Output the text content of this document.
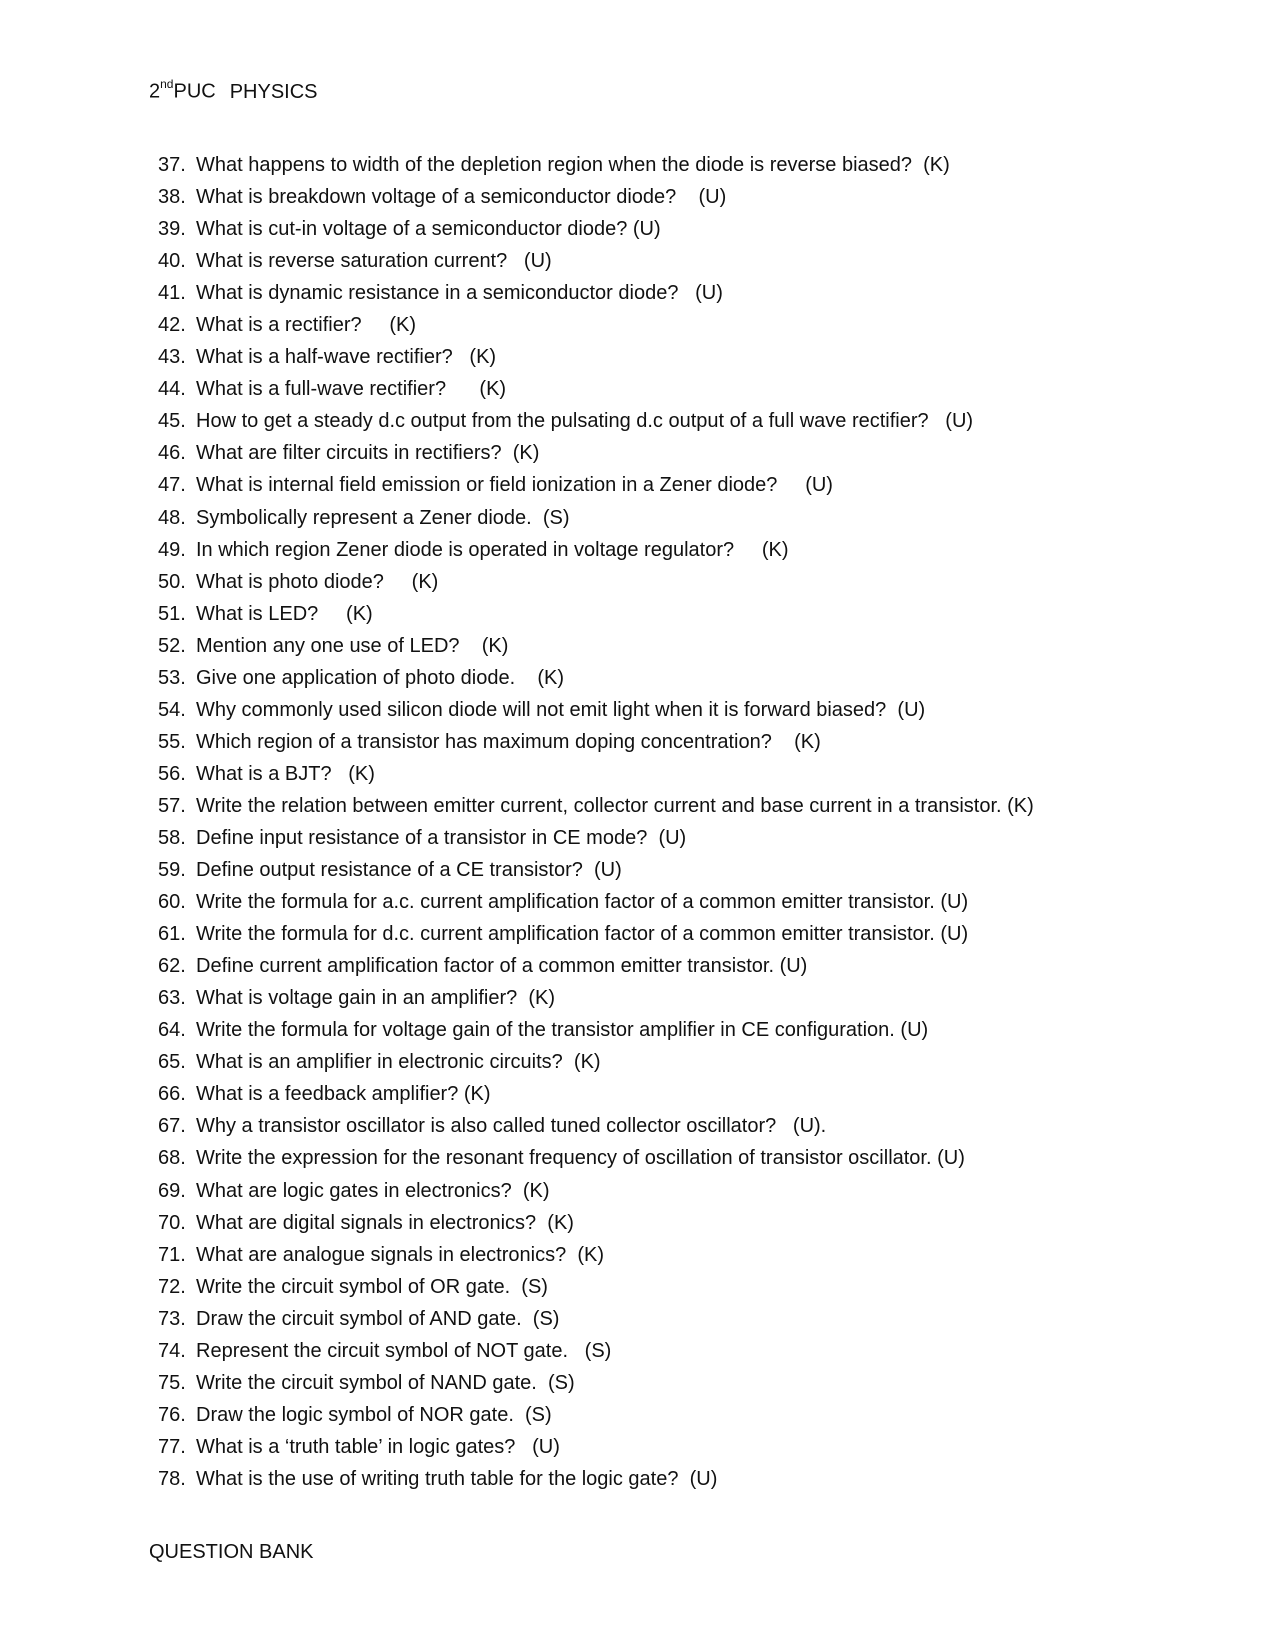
2ndPUC PHYSICS
37. What happens to width of the depletion region when the diode is reverse biased?  (K)
38. What is breakdown voltage of a semiconductor diode?    (U)
39. What is cut-in voltage of a semiconductor diode? (U)
40. What is reverse saturation current?   (U)
41. What is dynamic resistance in a semiconductor diode?   (U)
42. What is a rectifier?     (K)
43. What is a half-wave rectifier?   (K)
44. What is a full-wave rectifier?      (K)
45. How to get a steady d.c output from the pulsating d.c output of a full wave rectifier?   (U)
46. What are filter circuits in rectifiers?  (K)
47. What is internal field emission or field ionization in a Zener diode?     (U)
48. Symbolically represent a Zener diode.  (S)
49. In which region Zener diode is operated in voltage regulator?     (K)
50. What is photo diode?     (K)
51. What is LED?     (K)
52. Mention any one use of LED?    (K)
53. Give one application of photo diode.    (K)
54. Why commonly used silicon diode will not emit light when it is forward biased?  (U)
55. Which region of a transistor has maximum doping concentration?    (K)
56. What is a BJT?   (K)
57. Write the relation between emitter current, collector current and base current in a transistor. (K)
58. Define input resistance of a transistor in CE mode?  (U)
59. Define output resistance of a CE transistor?  (U)
60. Write the formula for a.c. current amplification factor of a common emitter transistor. (U)
61. Write the formula for d.c. current amplification factor of a common emitter transistor. (U)
62. Define current amplification factor of a common emitter transistor. (U)
63. What is voltage gain in an amplifier?  (K)
64. Write the formula for voltage gain of the transistor amplifier in CE configuration. (U)
65. What is an amplifier in electronic circuits?  (K)
66. What is a feedback amplifier? (K)
67. Why a transistor oscillator is also called tuned collector oscillator?   (U).
68. Write the expression for the resonant frequency of oscillation of transistor oscillator. (U)
69. What are logic gates in electronics?  (K)
70. What are digital signals in electronics?  (K)
71. What are analogue signals in electronics?  (K)
72. Write the circuit symbol of OR gate.  (S)
73. Draw the circuit symbol of AND gate.  (S)
74. Represent the circuit symbol of NOT gate.   (S)
75. Write the circuit symbol of NAND gate.  (S)
76. Draw the logic symbol of NOR gate.  (S)
77. What is a ‘truth table’ in logic gates?   (U)
78. What is the use of writing truth table for the logic gate?  (U)
QUESTION BANK
